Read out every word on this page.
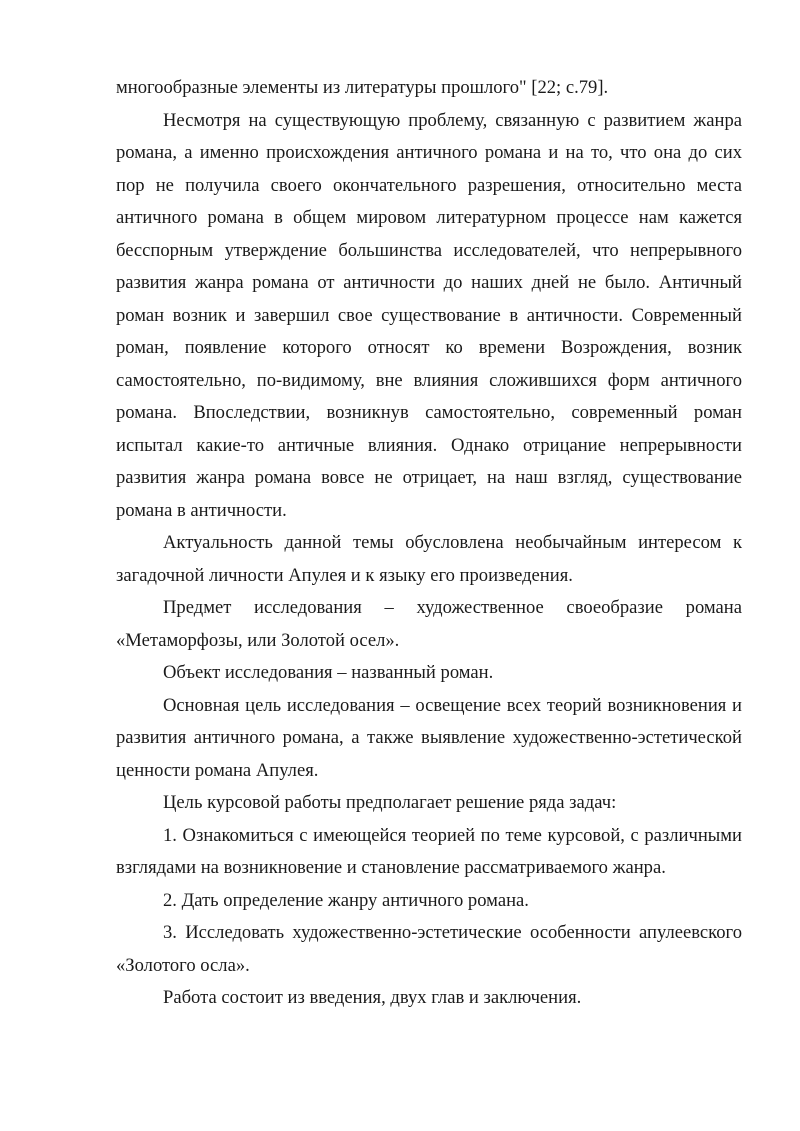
многообразные элементы из литературы прошлого" [22; с.79].

Несмотря на существующую проблему, связанную с развитием жанра романа, а именно происхождения античного романа и на то, что она до сих пор не получила своего окончательного разрешения, относительно места античного романа в общем мировом литературном процессе нам кажется бесспорным утверждение большинства исследователей, что непрерывного развития жанра романа от античности до наших дней не было. Античный роман возник и завершил свое существование в античности. Современный роман, появление которого относят ко времени Возрождения, возник самостоятельно, по-видимому, вне влияния сложившихся форм античного романа. Впоследствии, возникнув самостоятельно, современный роман испытал какие-то античные влияния. Однако отрицание непрерывности развития жанра романа вовсе не отрицает, на наш взгляд, существование романа в античности.

Актуальность данной темы обусловлена необычайным интересом к загадочной личности Апулея и к языку его произведения.

Предмет исследования – художественное своеобразие романа «Метаморфозы, или Золотой осел».

Объект исследования – названный роман.

Основная цель исследования – освещение всех теорий возникновения и развития античного романа, а также выявление художественно-эстетической ценности романа Апулея.

Цель курсовой работы предполагает решение ряда задач:

1. Ознакомиться с имеющейся теорией по теме курсовой, с различными взглядами на возникновение и становление рассматриваемого жанра.

2. Дать определение жанру античного романа.

3. Исследовать художественно-эстетические особенности апулеевского «Золотого осла».

Работа состоит из введения, двух глав и заключения.
